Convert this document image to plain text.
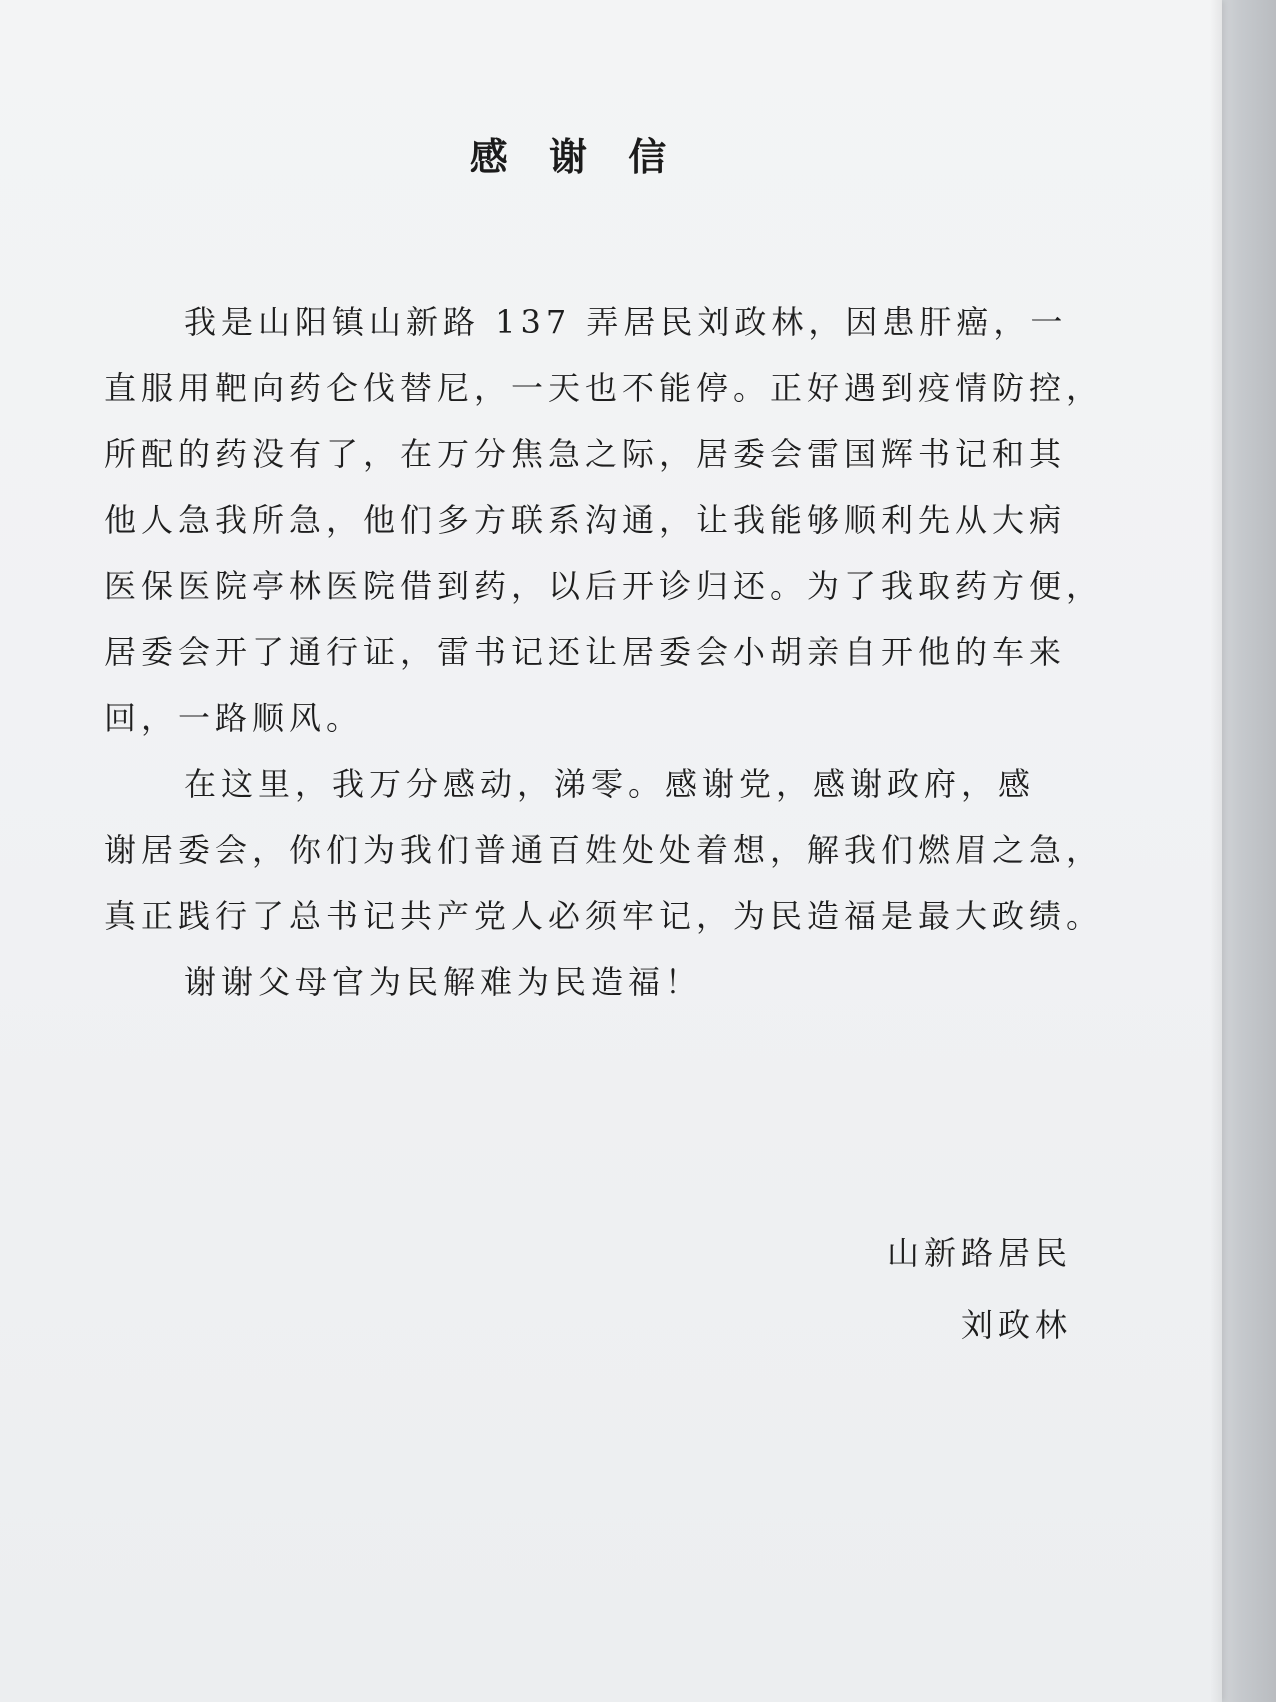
感 谢 信

我是山阳镇山新路 137 弄居民刘政林，因患肝癌，一
直服用靶向药仑伐替尼，一天也不能停。正好遇到疫情防控，
所配的药没有了，在万分焦急之际，居委会雷国辉书记和其
他人急我所急，他们多方联系沟通，让我能够顺利先从大病
医保医院亭林医院借到药，以后开诊归还。为了我取药方便，
居委会开了通行证，雷书记还让居委会小胡亲自开他的车来
回，一路顺风。

在这里，我万分感动，涕零。感谢党，感谢政府，感
谢居委会，你们为我们普通百姓处处着想，解我们燃眉之急，
真正践行了总书记共产党人必须牢记，为民造福是最大政绩。

谢谢父母官为民解难为民造福！

山新路居民
刘政林
